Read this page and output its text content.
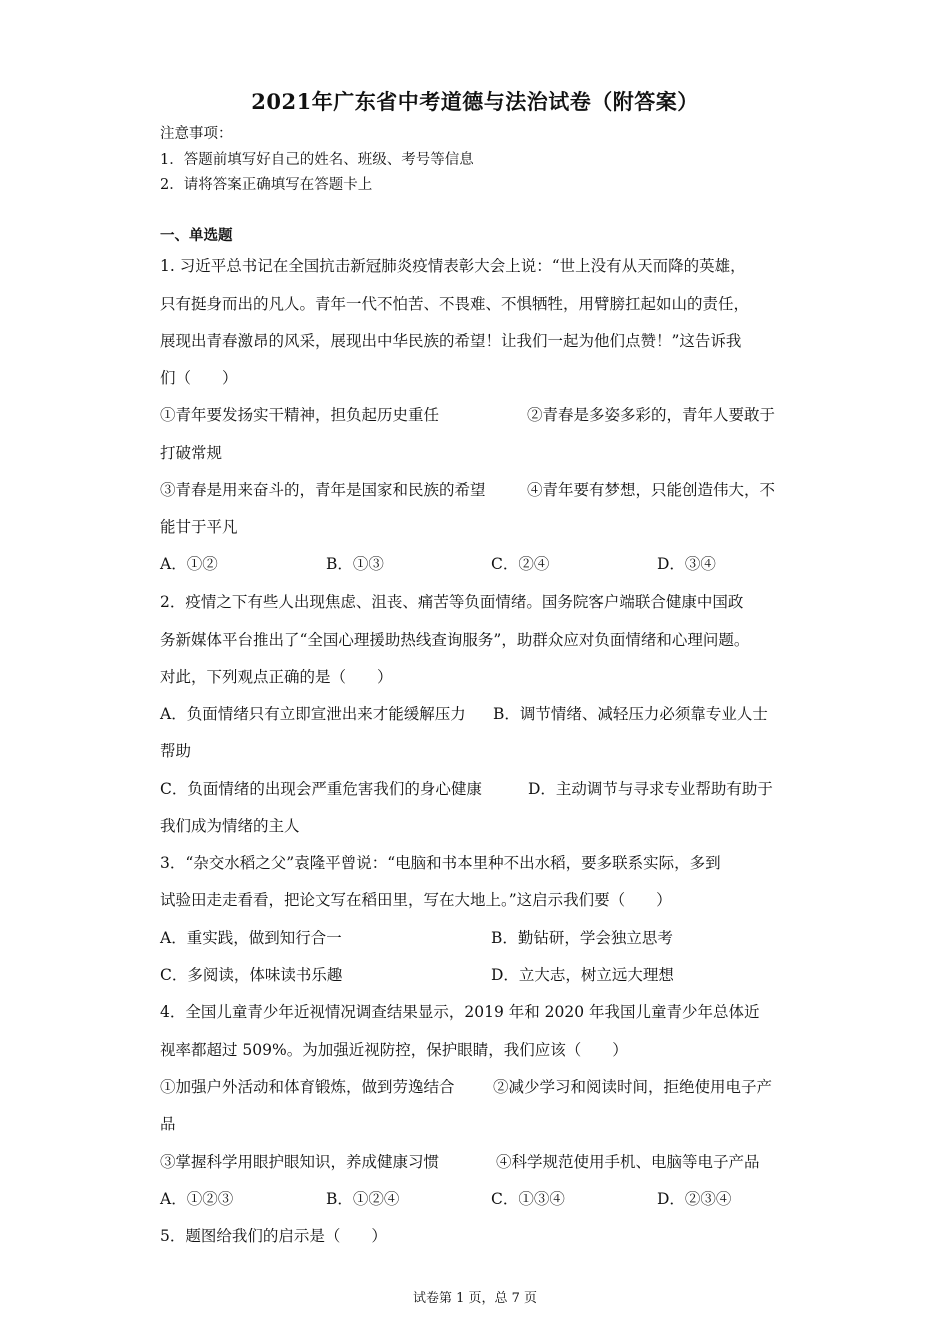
2021年广东省中考道德与法治试卷（附答案）
注意事项：
1．答题前填写好自己的姓名、班级、考号等信息
2．请将答案正确填写在答题卡上
一、单选题
1. 习近平总书记在全国抗击新冠肺炎疫情表彰大会上说：“世上没有从天而降的英雄，
只有挺身而出的凡人。青年一代不怕苦、不畏难、不惧牺牲，用臂膀扛起如山的责任，
展现出青春激昂的风采，展现出中华民族的希望！让我们一起为他们点赞！”这告诉我
们（　　）
①青年要发扬实干精神，担负起历史重任	②青春是多姿多彩的，青年人要敢于
打破常规
③青春是用来奋斗的，青年是国家和民族的希望	④青年要有梦想，只能创造伟大，不
能甘于平凡
A．①②	B．①③	C．②④	D．③④
2．疫情之下有些人出现焦虑、沮丧、痛苦等负面情绪。国务院客户端联合健康中国政
务新媒体平台推出了“全国心理援助热线查询服务”，助群众应对负面情绪和心理问题。
对此，下列观点正确的是（　　）
A．负面情绪只有立即宣泄出来才能缓解压力 B．调节情绪、减轻压力必须靠专业人士
帮助
C．负面情绪的出现会严重危害我们的身心健康	D．主动调节与寻求专业帮助有助于
我们成为情绪的主人
3．“杂交水稻之父”袁隆平曾说：“电脑和书本里种不出水稻，要多联系实际，多到
试验田走走看看，把论文写在稻田里，写在大地上。”这启示我们要（　　）
A．重实践，做到知行合一	B．勤钻研，学会独立思考
C．多阅读，体味读书乐趣	D．立大志，树立远大理想
4．全国儿童青少年近视情况调查结果显示，2019 年和 2020 年我国儿童青少年总体近
视率都超过 509%。为加强近视防控，保护眼睛，我们应该（　　）
①加强户外活动和体育锻炼，做到劳逸结合 ②减少学习和阅读时间，拒绝使用电子产
品
③掌握科学用眼护眼知识，养成健康习惯	④科学规范使用手机、电脑等电子产品
A．①②③	B．①②④	C．①③④	D．②③④
5．题图给我们的启示是（　　）
试卷第 1 页，总 7 页
